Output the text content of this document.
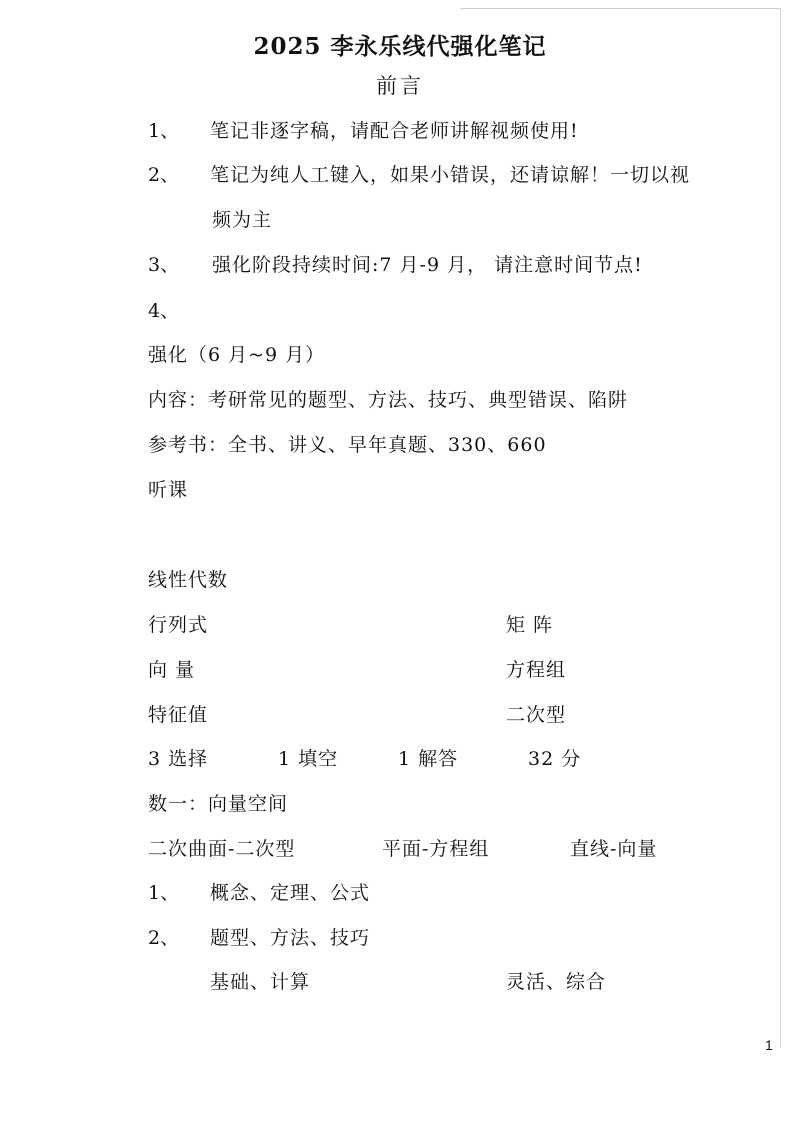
2025 李永乐线代强化笔记
前言
1、 笔记非逐字稿，请配合老师讲解视频使用!
2、 笔记为纯人工键入，如果小错误，还请谅解！一切以视
频为主
3、 强化阶段持续时间:7 月-9 月， 请注意时间节点!
4、
强化（6 月~9 月）
内容：考研常见的题型、方法、技巧、典型错误、陷阱
参考书：全书、讲义、早年真题、330、660
听课
线性代数
行列式	矩 阵
向 量	方程组
特征值	二次型
3 选择	1 填空	1 解答	32 分
数一：向量空间
二次曲面-二次型	平面-方程组	直线-向量
1、 概念、定理、公式
2、 题型、方法、技巧
基础、计算	灵活、综合
1
